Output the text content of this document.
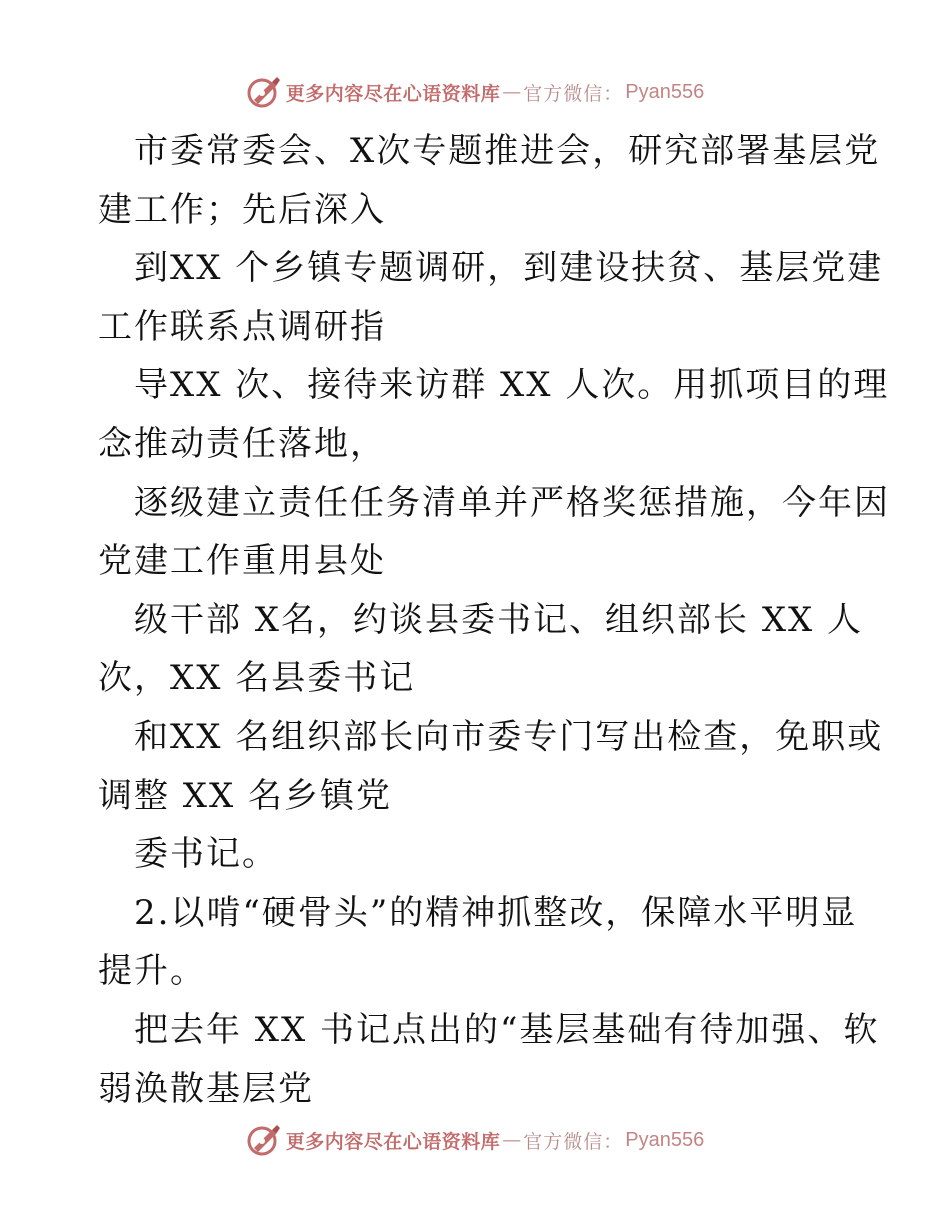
更多内容尽在心语资料库 — 官方微信： Pyan556
市委常委会、X次专题推进会，研究部署基层党
建工作；先后深入
到XX 个乡镇专题调研，到建设扶贫、基层党建
工作联系点调研指
导XX 次、接待来访群 XX 人次。用抓项目的理
念推动责任落地，
逐级建立责任任务清单并严格奖惩措施，今年因
党建工作重用县处
级干部 X名，约谈县委书记、组织部长 XX 人
次，XX 名县委书记
和XX 名组织部长向市委专门写出检查，免职或
调整 XX 名乡镇党
委书记。
2.以啃“硬骨头”的精神抓整改，保障水平明显
提升。
把去年 XX 书记点出的“基层基础有待加强、软
弱涣散基层党
更多内容尽在心语资料库 — 官方微信： Pyan556
